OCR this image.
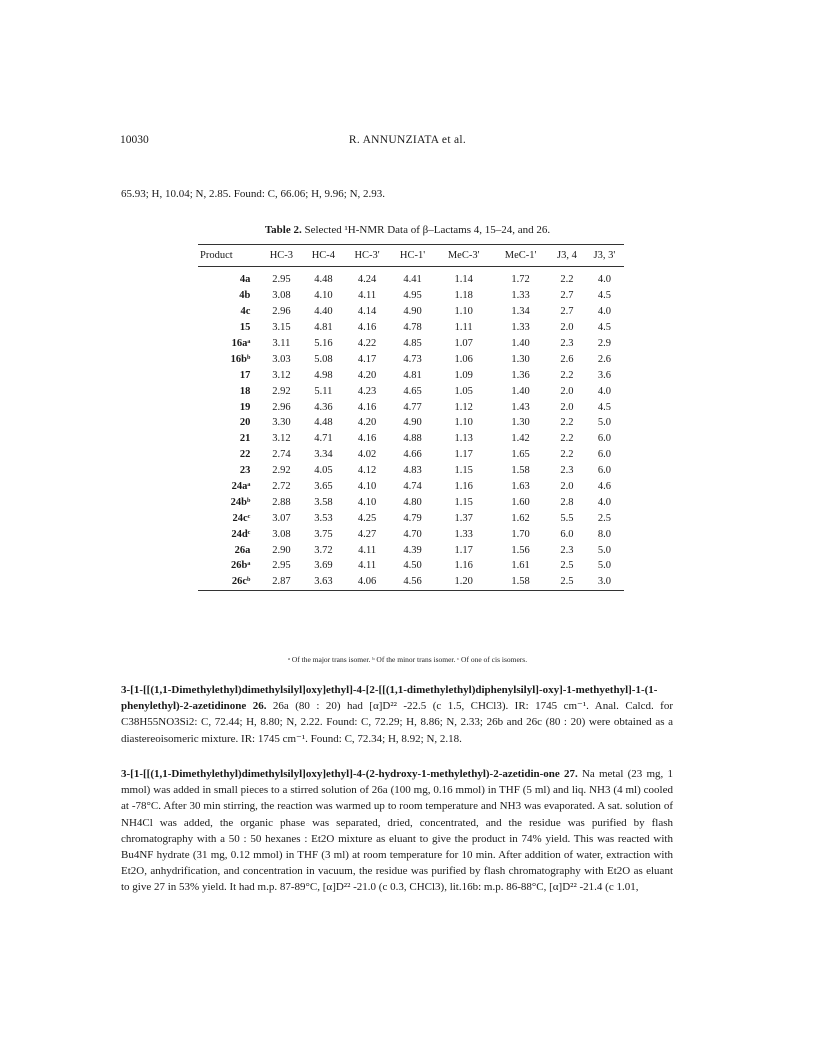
10030	R. ANNUNZIATA et al.
65.93; H, 10.04; N, 2.85. Found: C, 66.06; H, 9.96; N, 2.93.
Table 2. Selected ¹H-NMR Data of β–Lactams 4, 15–24, and 26.
Product	HC-3	HC-4	HC-3'	HC-1'	MeC-3'	MeC-1'	J3, 4	J3, 3'
4a	2.95	4.48	4.24	4.41	1.14	1.72	2.2	4.0
4b	3.08	4.10	4.11	4.95	1.18	1.33	2.7	4.5
4c	2.96	4.40	4.14	4.90	1.10	1.34	2.7	4.0
15	3.15	4.81	4.16	4.78	1.11	1.33	2.0	4.5
16aᵃ	3.11	5.16	4.22	4.85	1.07	1.40	2.3	2.9
16bᵇ	3.03	5.08	4.17	4.73	1.06	1.30	2.6	2.6
17	3.12	4.98	4.20	4.81	1.09	1.36	2.2	3.6
18	2.92	5.11	4.23	4.65	1.05	1.40	2.0	4.0
19	2.96	4.36	4.16	4.77	1.12	1.43	2.0	4.5
20	3.30	4.48	4.20	4.90	1.10	1.30	2.2	5.0
21	3.12	4.71	4.16	4.88	1.13	1.42	2.2	6.0
22	2.74	3.34	4.02	4.66	1.17	1.65	2.2	6.0
23	2.92	4.05	4.12	4.83	1.15	1.58	2.3	6.0
24aᵃ	2.72	3.65	4.10	4.74	1.16	1.63	2.0	4.6
24bᵇ	2.88	3.58	4.10	4.80	1.15	1.60	2.8	4.0
24cᶜ	3.07	3.53	4.25	4.79	1.37	1.62	5.5	2.5
24dᶜ	3.08	3.75	4.27	4.70	1.33	1.70	6.0	8.0
26a	2.90	3.72	4.11	4.39	1.17	1.56	2.3	5.0
26bᵃ	2.95	3.69	4.11	4.50	1.16	1.61	2.5	5.0
26cᵇ	2.87	3.63	4.06	4.56	1.20	1.58	2.5	3.0
ᵃ Of the major trans isomer. ᵇ Of the minor trans isomer. ᶜ Of one of cis isomers.
3-[1-[[(1,1-Dimethylethyl)dimethylsilyl]oxy]ethyl]-4-[2-[[(1,1-dimethylethyl)diphenylsilyl]-oxy]-1-methyethyl]-1-(1-phenylethyl)-2-azetidinone 26. 26a (80 : 20) had [α]D²² -22.5 (c 1.5, CHCl3). IR: 1745 cm⁻¹. Anal. Calcd. for C38H55NO3Si2: C, 72.44; H, 8.80; N, 2.22. Found: C, 72.29; H, 8.86; N, 2.33; 26b and 26c (80 : 20) were obtained as a diastereoisomeric mixture. IR: 1745 cm⁻¹. Found: C, 72.34; H, 8.92; N, 2.18.
3-[1-[[(1,1-Dimethylethyl)dimethylsilyl]oxy]ethyl]-4-(2-hydroxy-1-methylethyl)-2-azetidin-one 27. Na metal (23 mg, 1 mmol) was added in small pieces to a stirred solution of 26a (100 mg, 0.16 mmol) in THF (5 ml) and liq. NH3 (4 ml) cooled at -78°C. After 30 min stirring, the reaction was warmed up to room temperature and NH3 was evaporated. A sat. solution of NH4Cl was added, the organic phase was separated, dried, concentrated, and the residue was purified by flash chromatography with a 50 : 50 hexanes : Et2O mixture as eluant to give the product in 74% yield. This was reacted with Bu4NF hydrate (31 mg, 0.12 mmol) in THF (3 ml) at room temperature for 10 min. After addition of water, extraction with Et2O, anhydrification, and concentration in vacuum, the residue was purified by flash chromatography with Et2O as eluant to give 27 in 53% yield. It had m.p. 87-89°C, [α]D²² -21.0 (c 0.3, CHCl3), lit.16b: m.p. 86-88°C, [α]D²² -21.4 (c 1.01,
